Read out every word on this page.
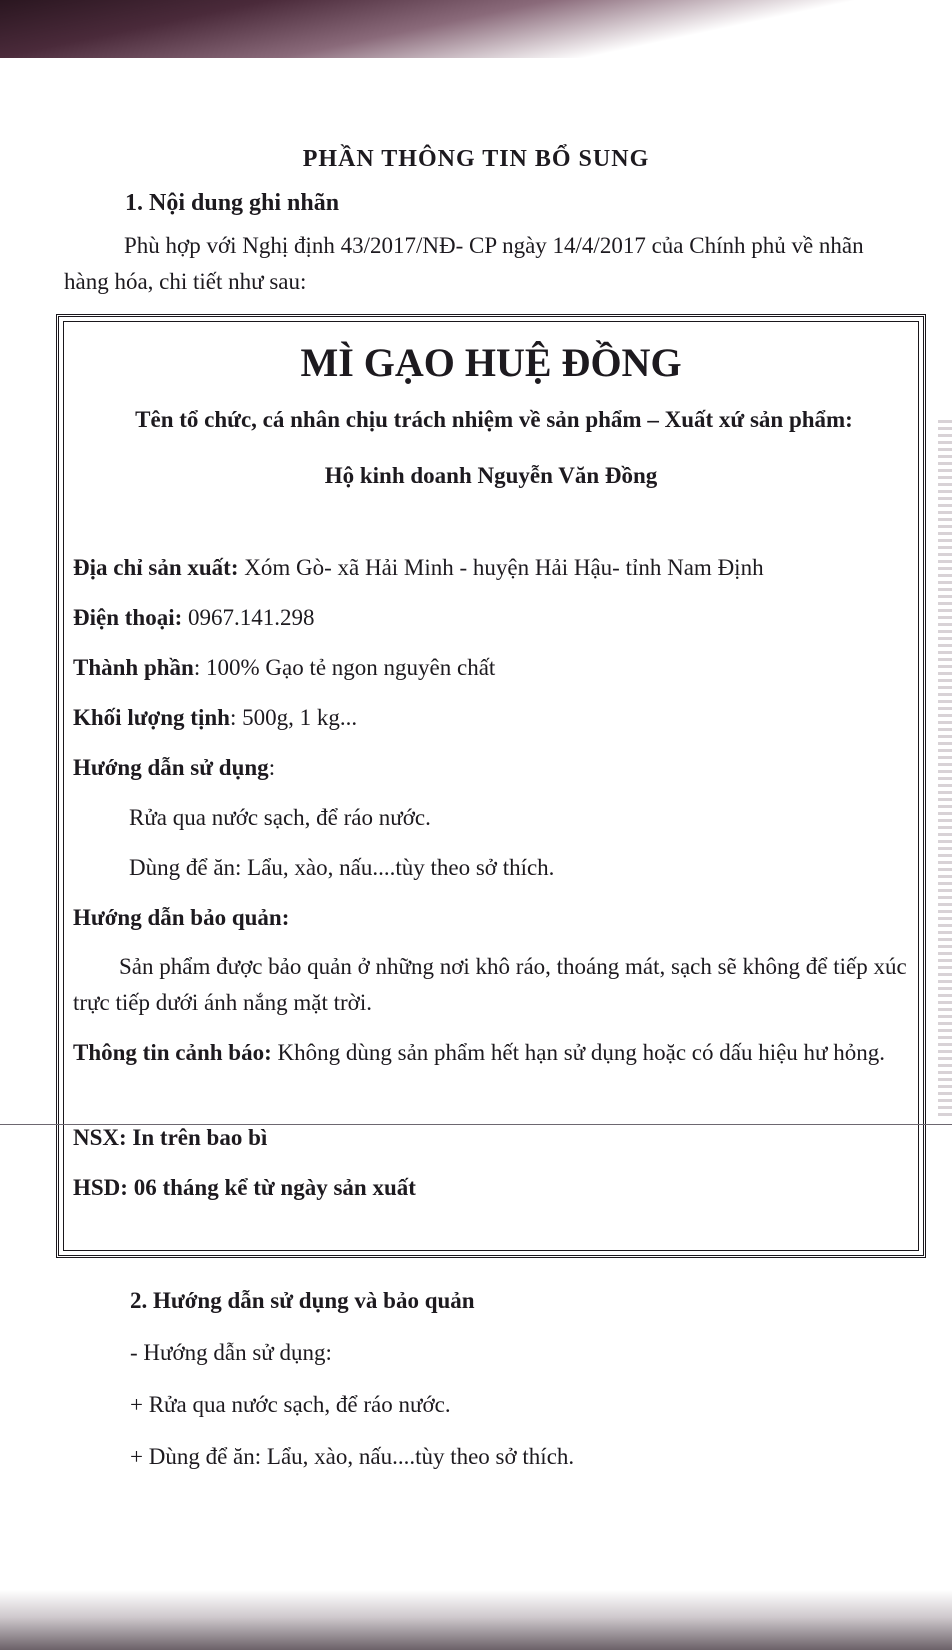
PHẦN THÔNG TIN BỔ SUNG
1. Nội dung ghi nhãn
Phù hợp với Nghị định 43/2017/NĐ- CP ngày 14/4/2017 của Chính phủ về nhãn hàng hóa, chi tiết như sau:
MÌ GẠO HUỆ ĐỒNG
Tên tổ chức, cá nhân chịu trách nhiệm về sản phẩm – Xuất xứ sản phẩm:
Hộ kinh doanh Nguyễn Văn Đồng
Địa chỉ sản xuất: Xóm Gò- xã Hải Minh - huyện Hải Hậu- tỉnh Nam Định
Điện thoại: 0967.141.298
Thành phần: 100% Gạo tẻ ngon nguyên chất
Khối lượng tịnh: 500g, 1 kg...
Hướng dẫn sử dụng:
Rửa qua nước sạch, để ráo nước.
Dùng để ăn: Lẩu, xào, nấu....tùy theo sở thích.
Hướng dẫn bảo quản:
Sản phẩm được bảo quản ở những nơi khô ráo, thoáng mát, sạch sẽ không để tiếp xúc trực tiếp dưới ánh nắng mặt trời.
Thông tin cảnh báo: Không dùng sản phẩm hết hạn sử dụng hoặc có dấu hiệu hư hỏng.
NSX: In trên bao bì
HSD: 06 tháng kể từ ngày sản xuất
2. Hướng dẫn sử dụng và bảo quản
- Hướng dẫn sử dụng:
+ Rửa qua nước sạch, để ráo nước.
+ Dùng để ăn: Lẩu, xào, nấu....tùy theo sở thích.
